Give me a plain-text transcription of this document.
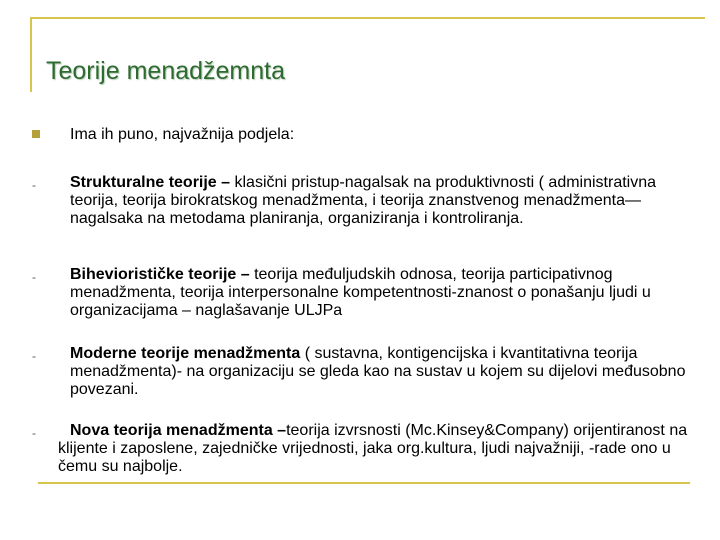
Teorije menadžemnta
Ima ih puno, najvažnija podjela:
- Strukturalne teorije – klasični pristup-nagalsak na produktivnosti ( administrativna teorija, teorija birokratskog menadžmenta, i teorija znanstvenog menadžmenta—nagalsaka na metodama planiranja, organiziranja i kontroliranja.
- Biheviorističke teorije – teorija međuljudskih odnosa, teorija participativnog menadžmenta, teorija interpersonalne kompetentnosti-znanost o ponašanju ljudi u organizacijama – naglašavanje ULJPa
- Moderne teorije menadžmenta ( sustavna, kontigencijska i kvantitativna teorija menadžmenta)- na organizaciju se gleda kao na sustav u kojem su dijelovi međusobno povezani.
-	Nova teorija menadžmenta –teorija izvrsnosti (Mc.Kinsey&Company) orijentiranost na klijente i zaposlene, zajedničke vrijednosti, jaka org.kultura, ljudi najvažniji, -rade ono u čemu su najbolje.
